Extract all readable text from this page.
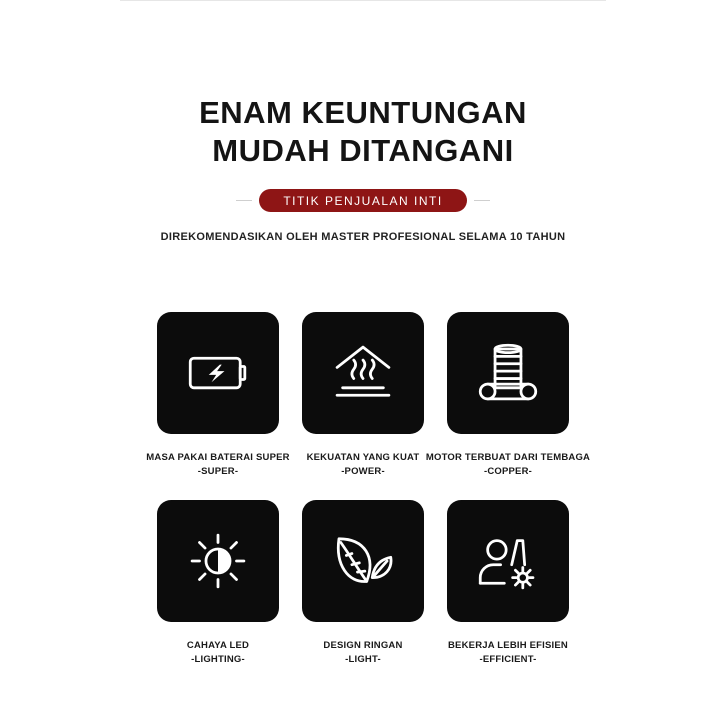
ENAM KEUNTUNGAN
MUDAH DITANGANI
TITIK PENJUALAN INTI
DIREKOMENDASIKAN OLEH MASTER PROFESIONAL SELAMA 10 TAHUN
MASA PAKAI BATERAI SUPER
-SUPER-
KEKUATAN YANG KUAT
-POWER-
MOTOR TERBUAT DARI TEMBAGA
-COPPER-
CAHAYA LED
-LIGHTING-
DESIGN RINGAN
-LIGHT-
BEKERJA LEBIH EFISIEN
-EFFICIENT-
